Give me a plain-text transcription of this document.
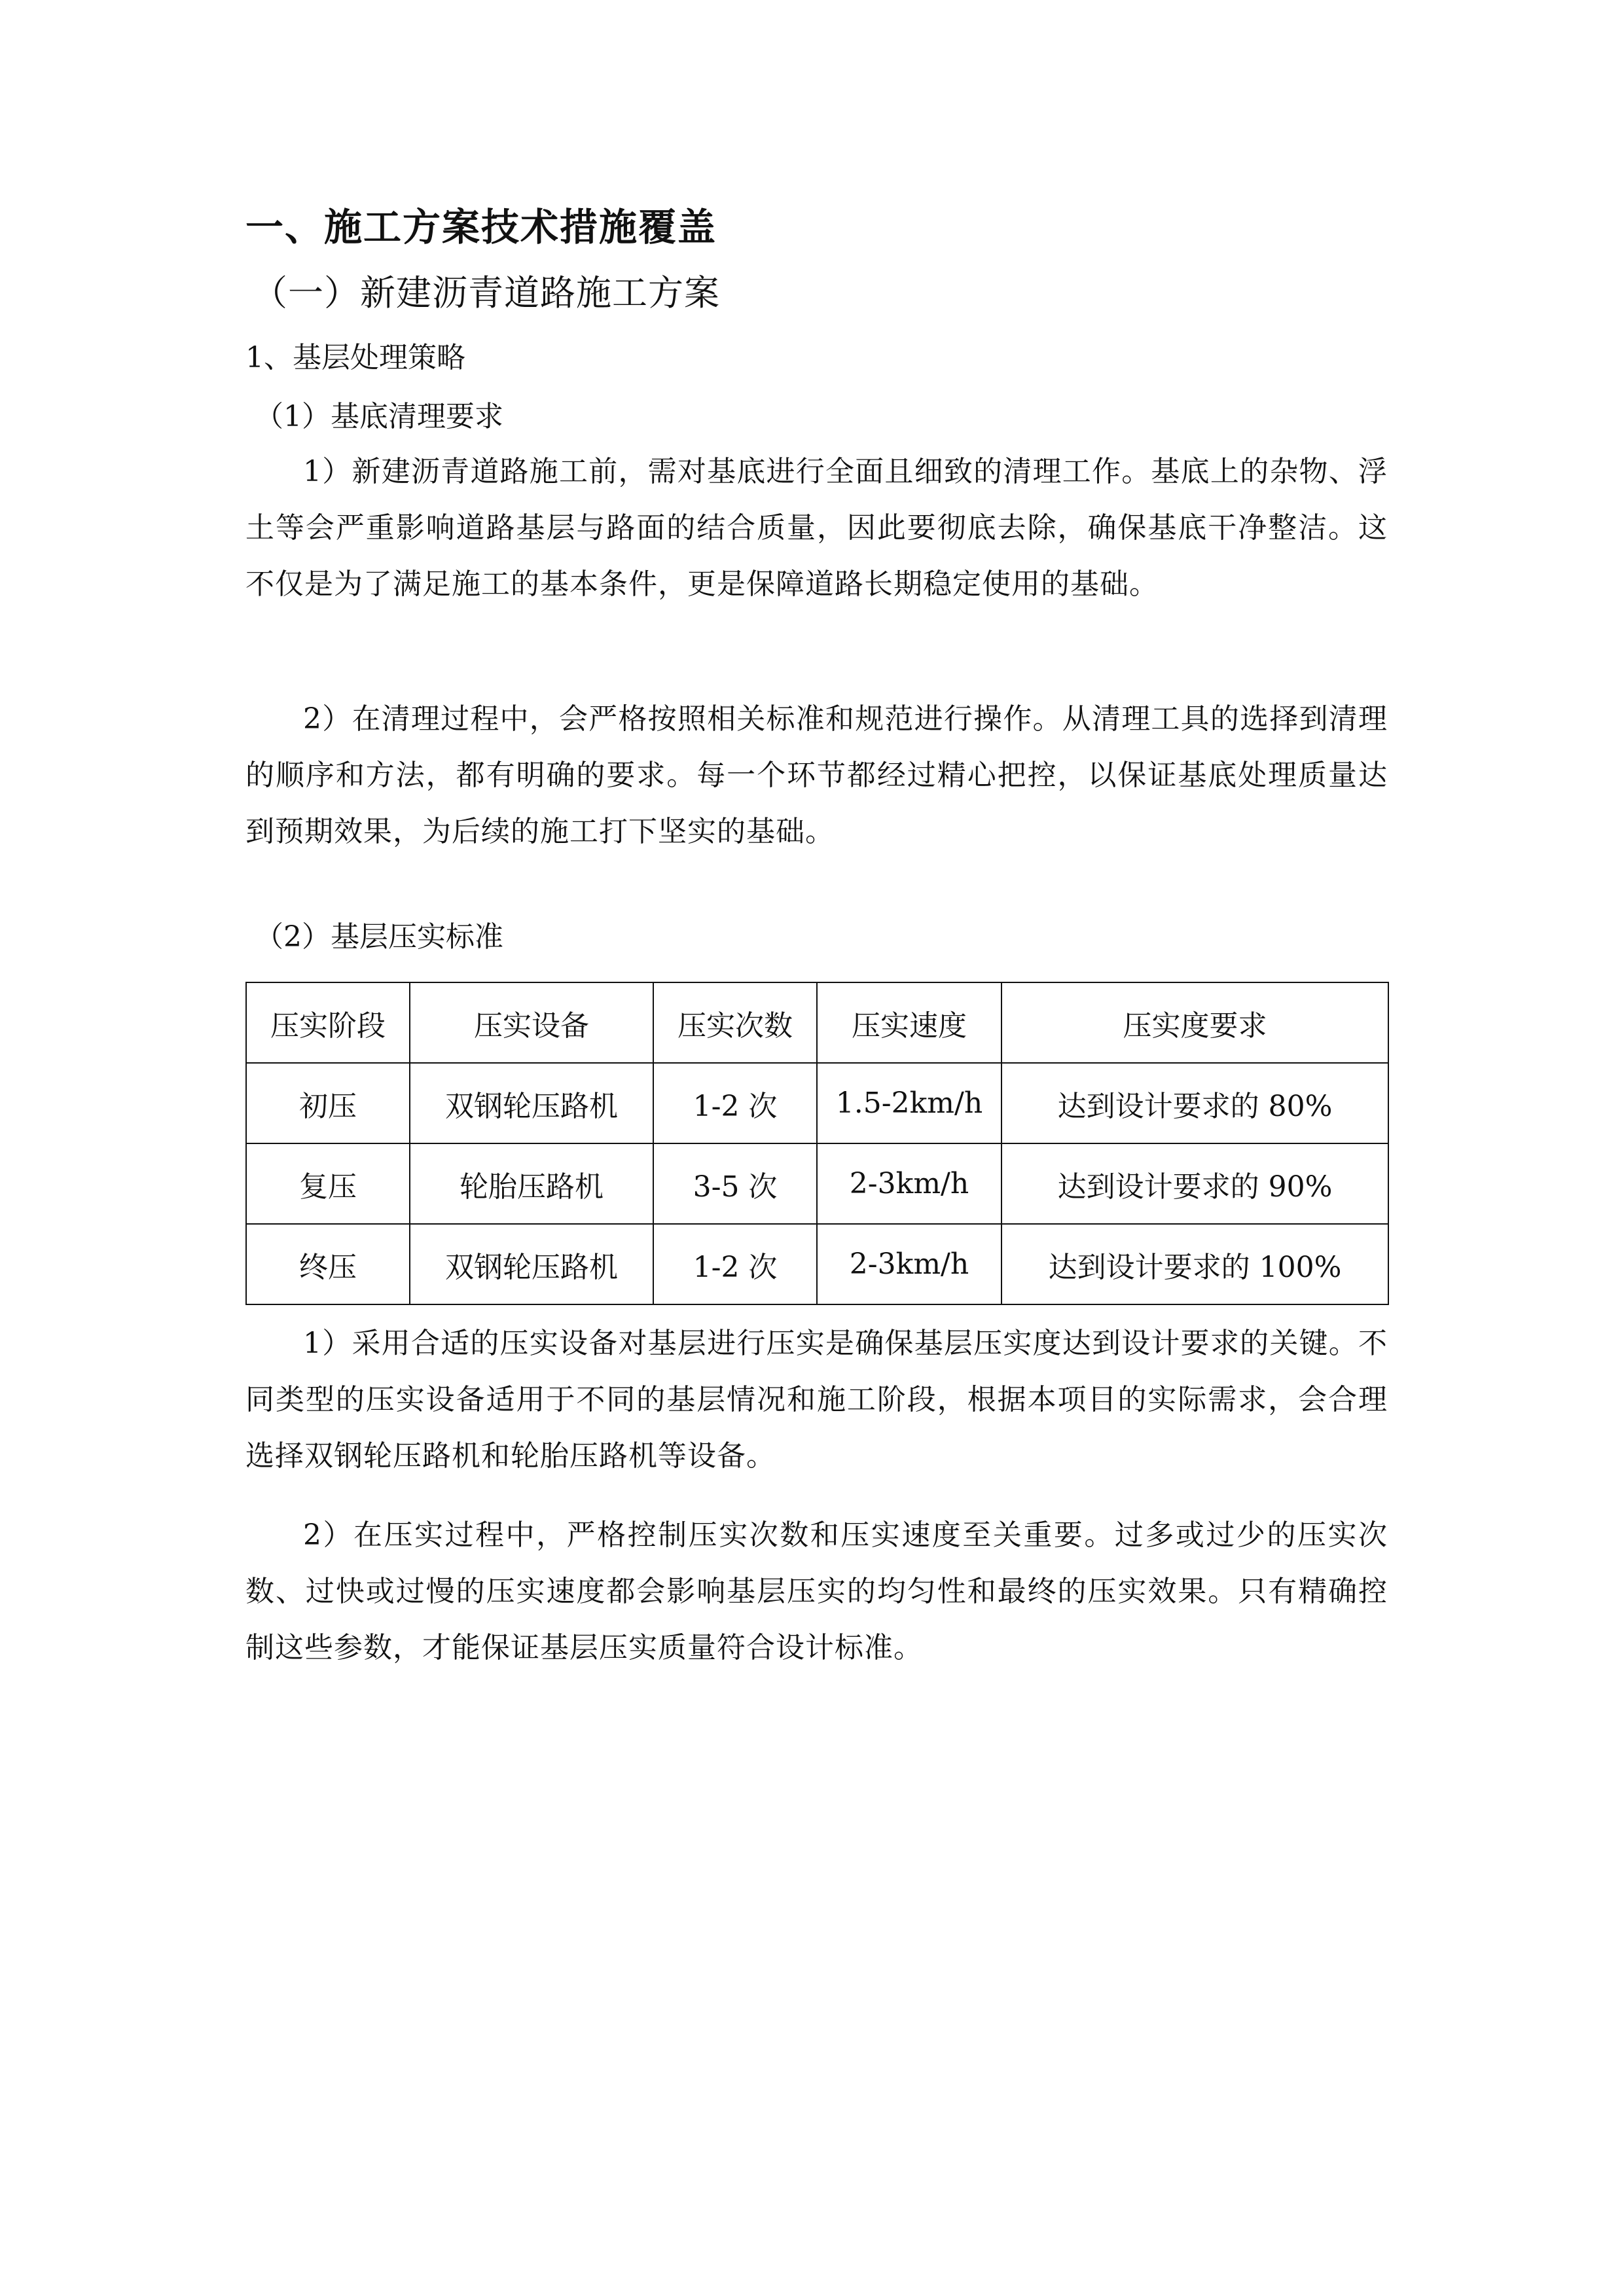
一、施工方案技术措施覆盖
（一）新建沥青道路施工方案
1、基层处理策略
（1）基底清理要求

1）新建沥青道路施工前，需对基底进行全面且细致的清理工作。基底上的杂物、浮土等会严重影响道路基层与路面的结合质量，因此要彻底去除，确保基底干净整洁。这不仅是为了满足施工的基本条件，更是保障道路长期稳定使用的基础。

2）在清理过程中，会严格按照相关标准和规范进行操作。从清理工具的选择到清理的顺序和方法，都有明确的要求。每一个环节都经过精心把控，以保证基底处理质量达到预期效果，为后续的施工打下坚实的基础。

（2）基层压实标准
压实阶段	压实设备	压实次数	压实速度	压实度要求
初压	双钢轮压路机	1-2 次	1.5-2km/h	达到设计要求的 80%
复压	轮胎压路机	3-5 次	2-3km/h	达到设计要求的 90%
终压	双钢轮压路机	1-2 次	2-3km/h	达到设计要求的 100%

1）采用合适的压实设备对基层进行压实是确保基层压实度达到设计要求的关键。不同类型的压实设备适用于不同的基层情况和施工阶段，根据本项目的实际需求，会合理选择双钢轮压路机和轮胎压路机等设备。

2）在压实过程中，严格控制压实次数和压实速度至关重要。过多或过少的压实次数、过快或过慢的压实速度都会影响基层压实的均匀性和最终的压实效果。只有精确控制这些参数，才能保证基层压实质量符合设计标准。
